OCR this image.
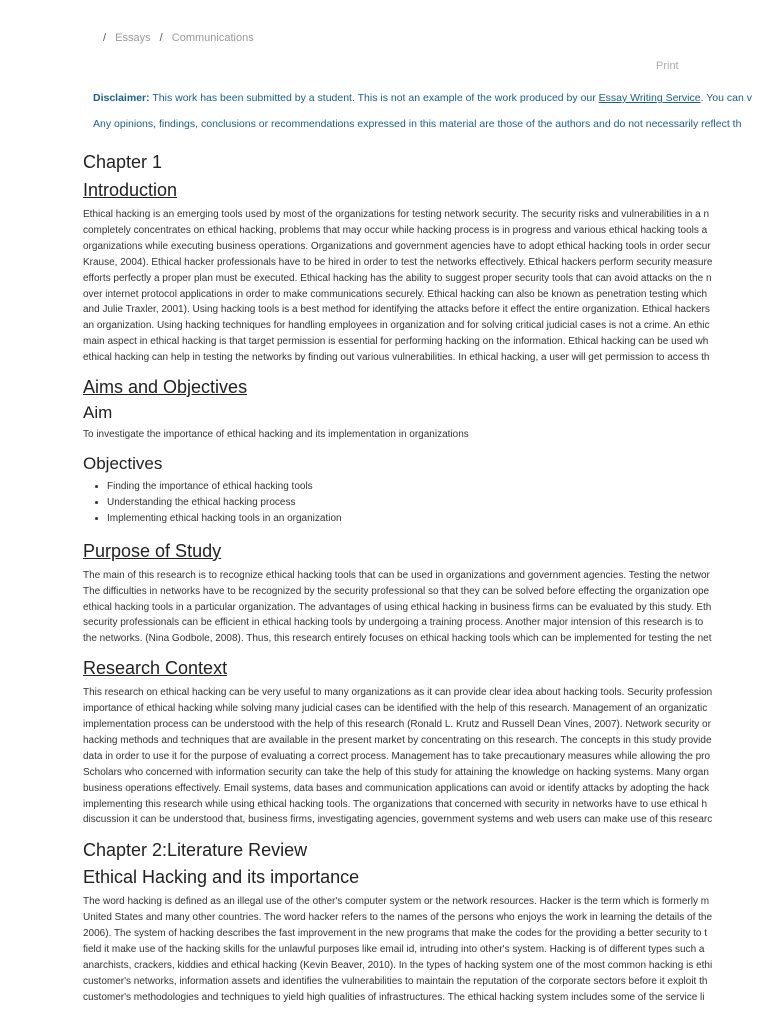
/ Essays / Communications
Print

Disclaimer: This work has been submitted by a student. This is not an example of the work produced by our Essay Writing Service. You can v

Any opinions, findings, conclusions or recommendations expressed in this material are those of the authors and do not necessarily reflect th

Chapter 1
Introduction
Ethical hacking is an emerging tools used by most of the organizations for testing network security. The security risks and vulnerabilities in a n
completely concentrates on ethical hacking, problems that may occur while hacking process is in progress and various ethical hacking tools a
organizations while executing business operations. Organizations and government agencies have to adopt ethical hacking tools in order secur
Krause, 2004). Ethical hacker professionals have to be hired in order to test the networks effectively. Ethical hackers perform security measure
efforts perfectly a proper plan must be executed. Ethical hacking has the ability to suggest proper security tools that can avoid attacks on the n
over internet protocol applications in order to make communications securely. Ethical hacking can also be known as penetration testing which
and Julie Traxler, 2001). Using hacking tools is a best method for identifying the attacks before it effect the entire organization. Ethical hackers
an organization. Using hacking techniques for handling employees in organization and for solving critical judicial cases is not a crime. An ethic
main aspect in ethical hacking is that target permission is essential for performing hacking on the information. Ethical hacking can be used wh
ethical hacking can help in testing the networks by finding out various vulnerabilities. In ethical hacking, a user will get permission to access th
Aims and Objectives
Aim
To investigate the importance of ethical hacking and its implementation in organizations
Objectives
• Finding the importance of ethical hacking tools
• Understanding the ethical hacking process
• Implementing ethical hacking tools in an organization
Purpose of Study
The main of this research is to recognize ethical hacking tools that can be used in organizations and government agencies. Testing the networ
The difficulties in networks have to be recognized by the security professional so that they can be solved before effecting the organization ope
ethical hacking tools in a particular organization. The advantages of using ethical hacking in business firms can be evaluated by this study. Eth
security professionals can be efficient in ethical hacking tools by undergoing a training process. Another major intension of this research is to
the networks. (Nina Godbole, 2008). Thus, this research entirely focuses on ethical hacking tools which can be implemented for testing the net
Research Context
This research on ethical hacking can be very useful to many organizations as it can provide clear idea about hacking tools. Security profession
importance of ethical hacking while solving many judicial cases can be identified with the help of this research. Management of an organizatic
implementation process can be understood with the help of this research (Ronald L. Krutz and Russell Dean Vines, 2007). Network security or
hacking methods and techniques that are available in the present market by concentrating on this research. The concepts in this study provide
data in order to use it for the purpose of evaluating a correct process. Management has to take precautionary measures while allowing the pro
Scholars who concerned with information security can take the help of this study for attaining the knowledge on hacking systems. Many organ
business operations effectively. Email systems, data bases and communication applications can avoid or identify attacks by adopting the hack
implementing this research while using ethical hacking tools. The organizations that concerned with security in networks have to use ethical h
discussion it can be understood that, business firms, investigating agencies, government systems and web users can make use of this researc
Chapter 2:Literature Review
Ethical Hacking and its importance
The word hacking is defined as an illegal use of the other's computer system or the network resources. Hacker is the term which is formerly m
United States and many other countries. The word hacker refers to the names of the persons who enjoys the work in learning the details of the
2006). The system of hacking describes the fast improvement in the new programs that make the codes for the providing a better security to t
field it make use of the hacking skills for the unlawful purposes like email id, intruding into other's system. Hacking is of different types such a
anarchists, crackers, kiddies and ethical hacking (Kevin Beaver, 2010). In the types of hacking system one of the most common hacking is ethi
customer's networks, information assets and identifies the vulnerabilities to maintain the reputation of the corporate sectors before it exploit th
customer's methodologies and techniques to yield high qualities of infrastructures. The ethical hacking system includes some of the service li
